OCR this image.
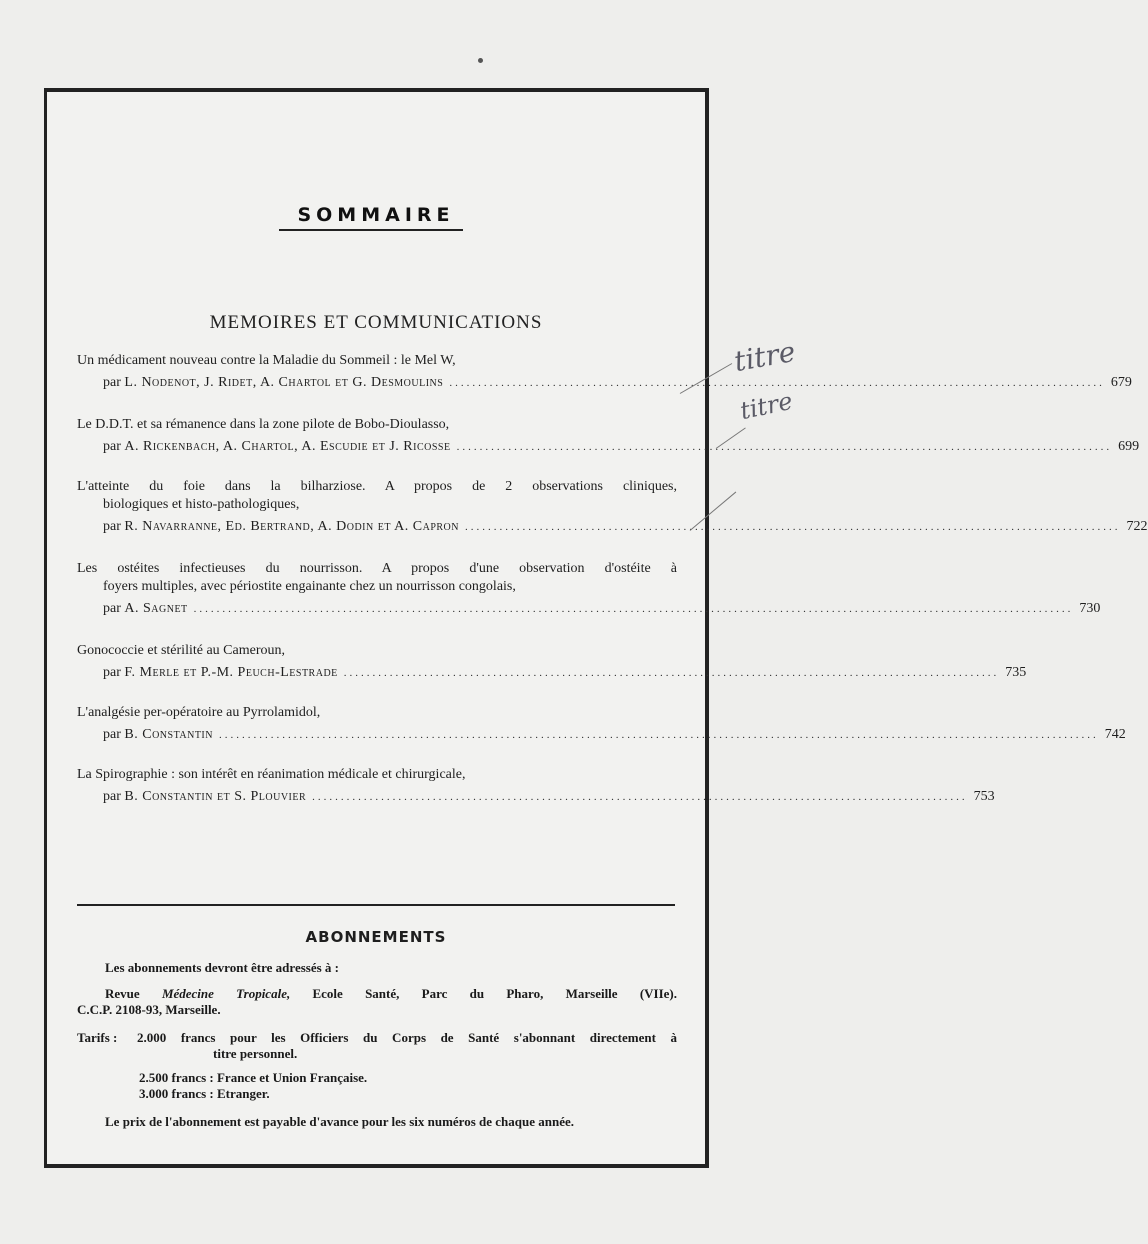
SOMMAIRE
MEMOIRES ET COMMUNICATIONS
Un médicament nouveau contre la Maladie du Sommeil : le Mel W,
par
L. Nodenot, J. Ridet, A. Chartol et G. Desmoulins .................................................................................................................. 679
Le D.D.T. et sa rémanence dans la zone pilote de Bobo-Dioulasso,
par
A. Rickenbach, A. Chartol, A. Escudie et J. Ricosse .................................................................................................................. 699
L'atteinte du foie dans la bilharziose. A propos de 2 observations cliniques,
biologiques et histo-pathologiques,
par
R. Navarranne, Ed. Bertrand, A. Dodin et A. Capron .................................................................................................................. 722
Les ostéites infectieuses du nourrisson. A propos d'une observation d'ostéite à
foyers multiples, avec périostite engainante chez un nourrisson congolais,
par
A. Sagnet ......................................................................................................................................................... 730
Gonococcie et stérilité au Cameroun,
par
F. Merle et P.-M. Peuch-Lestrade .................................................................................................................. 735
L'analgésie per-opératoire au Pyrrolamidol,
par
B. Constantin ......................................................................................................................................................... 742
La Spirographie : son intérêt en réanimation médicale et chirurgicale,
par
B. Constantin et S. Plouvier .................................................................................................................. 753
ABONNEMENTS
Les abonnements devront être adressés à :
Revue Médecine Tropicale, Ecole Santé, Parc du Pharo, Marseille (VIIe).
C.C.P. 2108-93, Marseille.
Tarifs :	2.000 francs pour les Officiers du Corps de Santé s'abonnant directement à
titre personnel.
2.500 francs : France et Union Française.
3.000 francs : Etranger.
Le prix de l'abonnement est payable d'avance pour les six numéros de chaque année.
titre
titre
